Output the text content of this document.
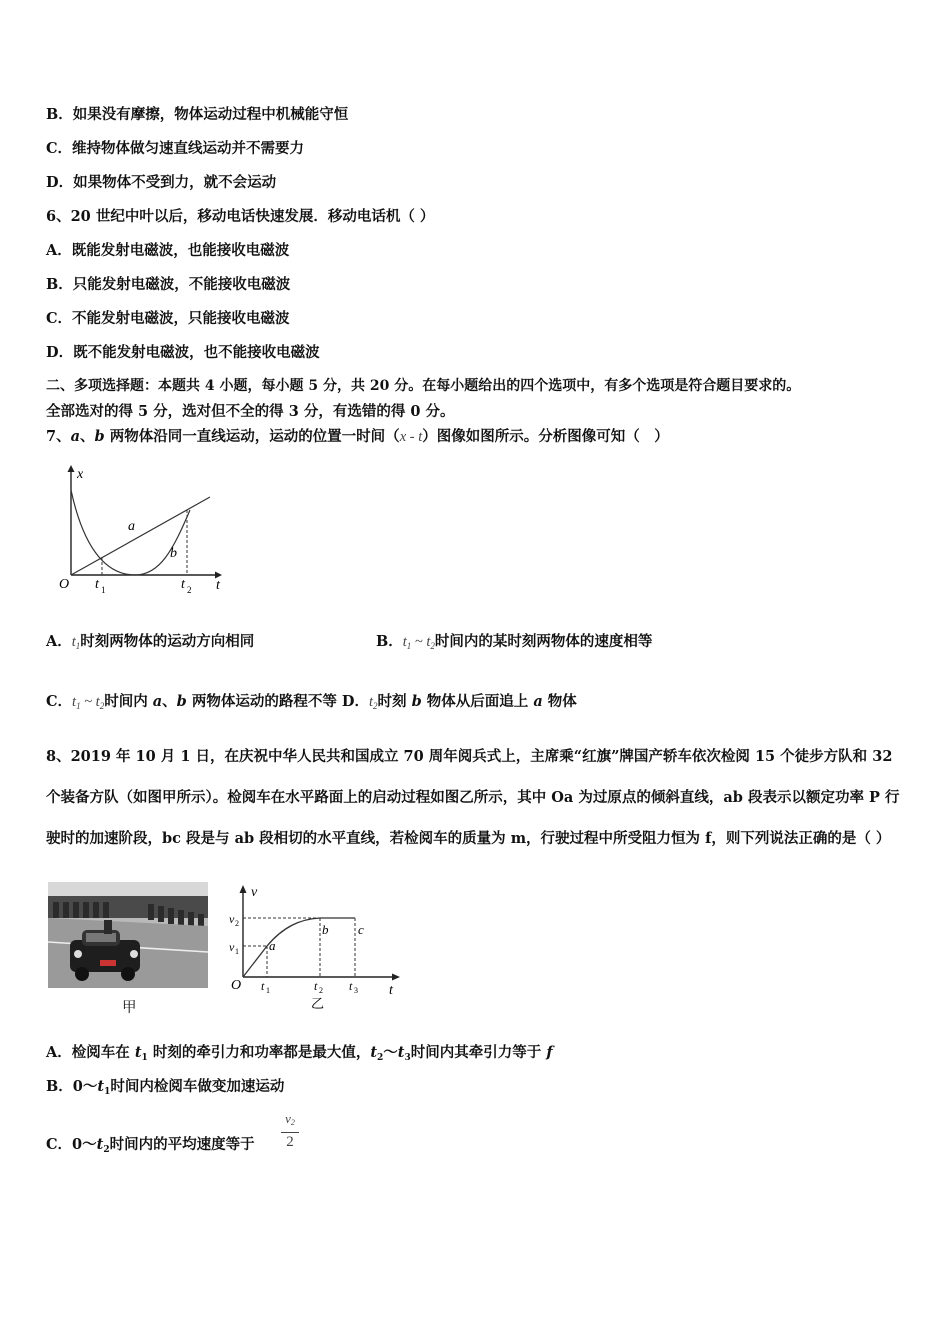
B．如果没有摩擦，物体运动过程中机械能守恒
C．维持物体做匀速直线运动并不需要力
D．如果物体不受到力，就不会运动
6、20 世纪中叶以后，移动电话快速发展．移动电话机（ ）
A．既能发射电磁波，也能接收电磁波
B．只能发射电磁波，不能接收电磁波
C．不能发射电磁波，只能接收电磁波
D．既不能发射电磁波，也不能接收电磁波
二、多项选择题：本题共 4 小题，每小题 5 分，共 20 分。在每小题给出的四个选项中，有多个选项是符合题目要求的。
全部选对的得 5 分，选对但不全的得 3 分，有选错的得 0 分。
7、a、b 两物体沿同一直线运动，运动的位置一时间（x - t）图像如图所示。分析图像可知（　）
x
t
O
a
b
t 1	t 2
A．$t_1$时刻两物体的运动方向相同	B．$t_1$ ~ $t_2$时间内的某时刻两物体的速度相等
C．$t_1$ ~ $t_2$时间内 a、b 两物体运动的路程不等 D．$t_2$时刻 b 物体从后面追上 a 物体
8、2019 年 10 月 1 日，在庆祝中华人民共和国成立 70 周年阅兵式上，主席乘“红旗”牌国产轿车依次检阅 15 个徒步方队和 32 个装备方队（如图甲所示）。检阅车在水平路面上的启动过程如图乙所示，其中 Oa 为过原点的倾斜直线，ab 段表示以额定功率 P 行驶时的加速阶段，bc 段是与 ab 段相切的水平直线，若检阅车的质量为 m，行驶过程中所受阻力恒为 f，则下列说法正确的是（ ）
甲
v
t
O
v 2
v 1 a
b c
t 1	t 2 t 3
乙
A．检阅车在 $t_1$ 时刻的牵引力和功率都是最大值，$t_2\sim t_3$时间内其牵引力等于 f
B．$0\sim t_1$时间内检阅车做变加速运动
C．$0\sim t_2$时间内的平均速度等于
v2
2
